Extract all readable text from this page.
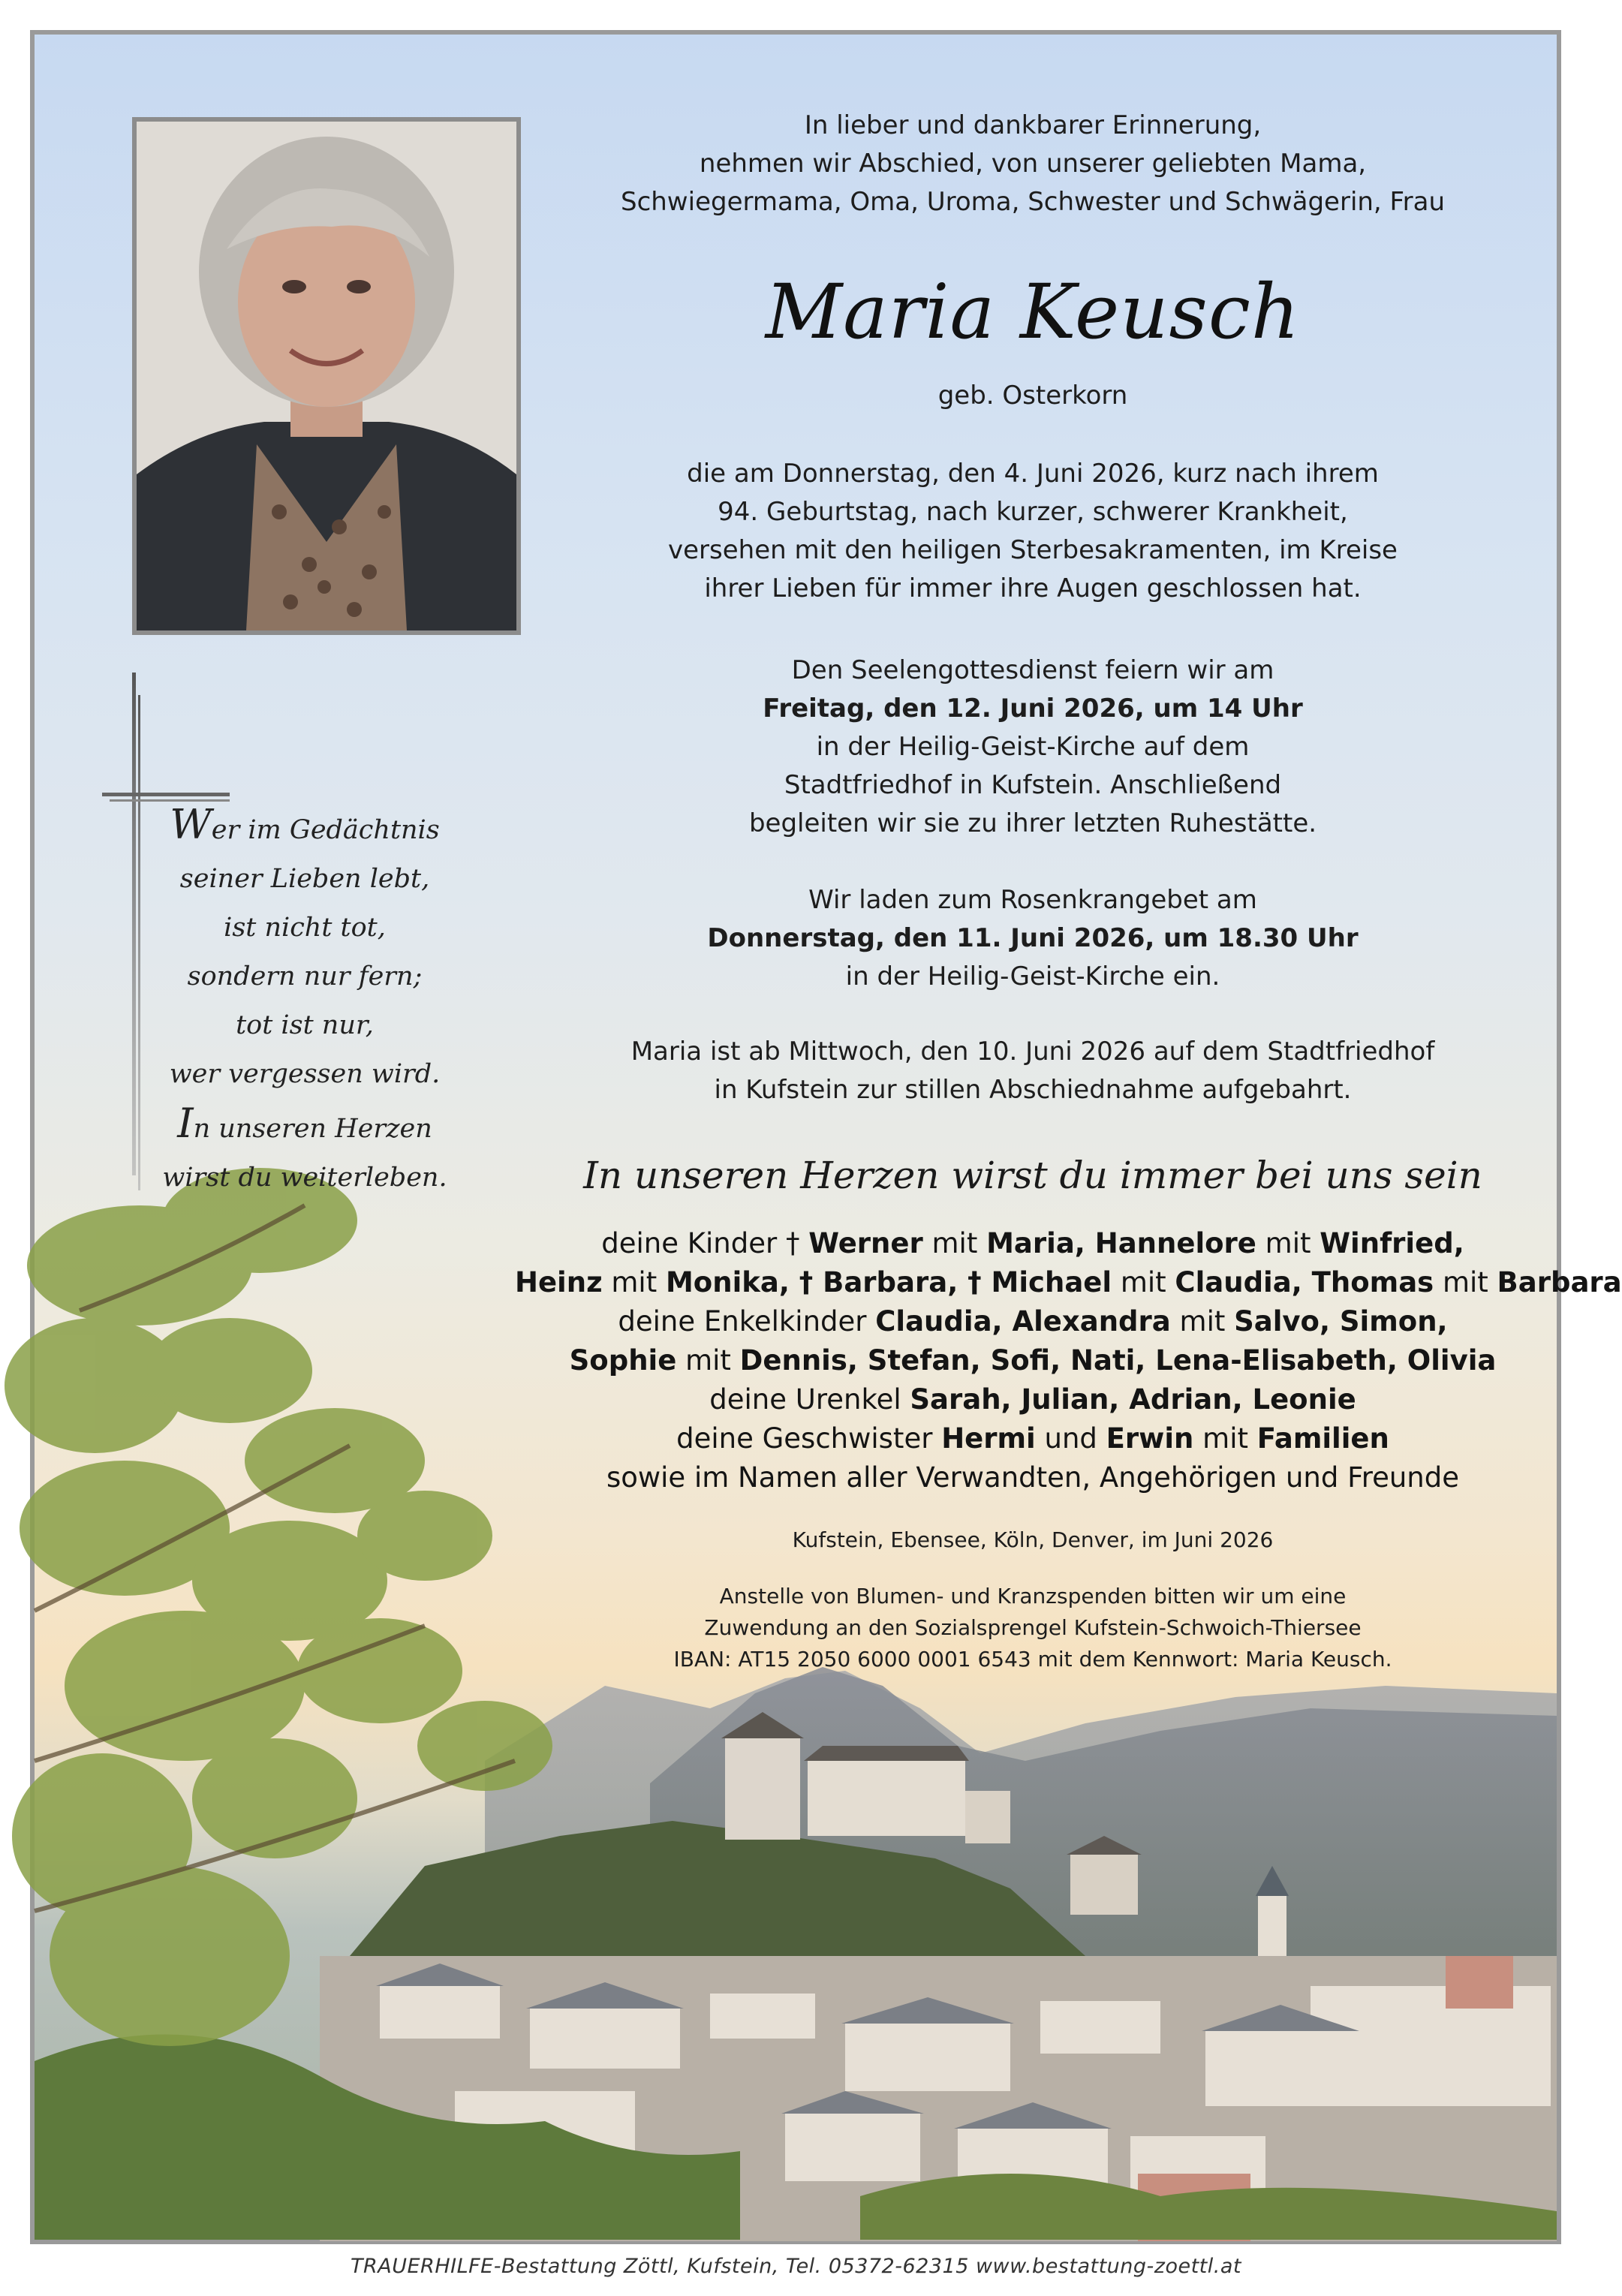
In lieber und dankbarer Erinnerung,
nehmen wir Abschied, von unserer geliebten Mama,
Schwiegermama, Oma, Uroma, Schwester und Schwägerin, Frau
Maria Keusch
geb. Osterkorn
die am Donnerstag, den 4. Juni 2026, kurz nach ihrem
94. Geburtstag, nach kurzer, schwerer Krankheit,
versehen mit den heiligen Sterbesakramenten, im Kreise
ihrer Lieben für immer ihre Augen geschlossen hat.
Den Seelengottesdienst feiern wir am
Freitag, den 12. Juni 2026, um 14 Uhr
in der Heilig-Geist-Kirche auf dem
Stadtfriedhof in Kufstein. Anschließend
begleiten wir sie zu ihrer letzten Ruhestätte.
Wir laden zum Rosenkrangebet am
Donnerstag, den 11. Juni 2026, um 18.30 Uhr
in der Heilig-Geist-Kirche ein.
Maria ist ab Mittwoch, den 10. Juni 2026 auf dem Stadtfriedhof
in Kufstein zur stillen Abschiednahme aufgebahrt.
Wer im Gedächtnis
seiner Lieben lebt,
ist nicht tot,
sondern nur fern;
tot ist nur,
wer vergessen wird.
In unseren Herzen
wirst du weiterleben.	In unseren Herzen wirst du immer bei uns sein
deine Kinder † Werner mit Maria, Hannelore mit Winfried,
Heinz mit Monika, † Barbara, † Michael mit Claudia, Thomas mit Barbara
deine Enkelkinder Claudia, Alexandra mit Salvo, Simon,
Sophie mit Dennis, Stefan, Sofi, Nati, Lena-Elisabeth, Olivia
deine Urenkel Sarah, Julian, Adrian, Leonie
deine Geschwister Hermi und Erwin mit Familien
sowie im Namen aller Verwandten, Angehörigen und Freunde
Kufstein, Ebensee, Köln, Denver, im Juni 2026
Anstelle von Blumen- und Kranzspenden bitten wir um eine
Zuwendung an den Sozialsprengel Kufstein-Schwoich-Thiersee
IBAN: AT15 2050 6000 0001 6543 mit dem Kennwort: Maria Keusch.
TRAUERHILFE-Bestattung Zöttl, Kufstein, Tel. 05372-62315 www.bestattung-zoettl.at
